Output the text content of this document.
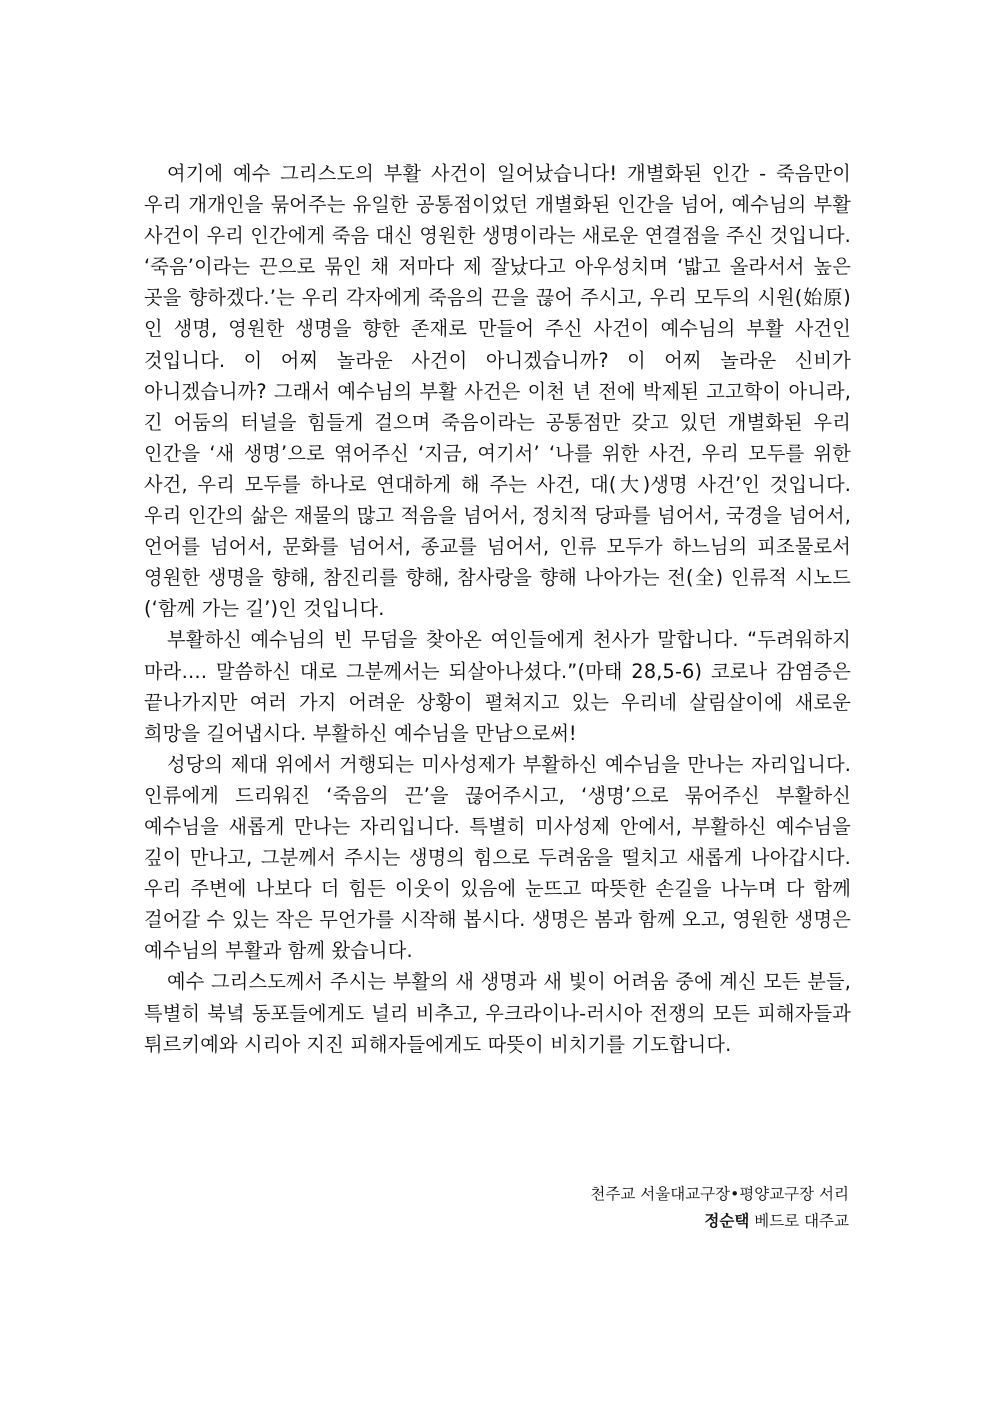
여기에 예수 그리스도의 부활 사건이 일어났습니다! 개별화된 인간 - 죽음만이 우리 개개인을 묶어주는 유일한 공통점이었던 개별화된 인간을 넘어, 예수님의 부활 사건이 우리 인간에게 죽음 대신 영원한 생명이라는 새로운 연결점을 주신 것입니다. ‘죽음’이라는 끈으로 묶인 채 저마다 제 잘났다고 아우성치며 ‘밟고 올라서서 높은 곳을 향하겠다.’는 우리 각자에게 죽음의 끈을 끊어 주시고, 우리 모두의 시원(始原)인 생명, 영원한 생명을 향한 존재로 만들어 주신 사건이 예수님의 부활 사건인 것입니다. 이 어찌 놀라운 사건이 아니겠습니까? 이 어찌 놀라운 신비가 아니겠습니까? 그래서 예수님의 부활 사건은 이천 년 전에 박제된 고고학이 아니라, 긴 어둠의 터널을 힘들게 걸으며 죽음이라는 공통점만 갖고 있던 개별화된 우리 인간을 ‘새 생명’으로 엮어주신 ‘지금, 여기서’ ‘나를 위한 사건, 우리 모두를 위한 사건, 우리 모두를 하나로 연대하게 해 주는 사건, 대(大)생명 사건’인 것입니다. 우리 인간의 삶은 재물의 많고 적음을 넘어서, 정치적 당파를 넘어서, 국경을 넘어서, 언어를 넘어서, 문화를 넘어서, 종교를 넘어서, 인류 모두가 하느님의 피조물로서 영원한 생명을 향해, 참진리를 향해, 참사랑을 향해 나아가는 전(全) 인류적 시노드(‘함께 가는 길’)인 것입니다.

부활하신 예수님의 빈 무덤을 찾아온 여인들에게 천사가 말합니다. “두려워하지 마라…. 말씀하신 대로 그분께서는 되살아나셨다.”(마태 28,5-6) 코로나 감염증은 끝나가지만 여러 가지 어려운 상황이 펼쳐지고 있는 우리네 살림살이에 새로운 희망을 길어냅시다. 부활하신 예수님을 만남으로써!

성당의 제대 위에서 거행되는 미사성제가 부활하신 예수님을 만나는 자리입니다. 인류에게 드리워진 ‘죽음의 끈’을 끊어주시고, ‘생명’으로 묶어주신 부활하신 예수님을 새롭게 만나는 자리입니다. 특별히 미사성제 안에서, 부활하신 예수님을 깊이 만나고, 그분께서 주시는 생명의 힘으로 두려움을 떨치고 새롭게 나아갑시다. 우리 주변에 나보다 더 힘든 이웃이 있음에 눈뜨고 따뜻한 손길을 나누며 다 함께 걸어갈 수 있는 작은 무언가를 시작해 봅시다. 생명은 봄과 함께 오고, 영원한 생명은 예수님의 부활과 함께 왔습니다.

예수 그리스도께서 주시는 부활의 새 생명과 새 빛이 어려움 중에 계신 모든 분들, 특별히 북녘 동포들에게도 널리 비추고, 우크라이나-러시아 전쟁의 모든 피해자들과 튀르키예와 시리아 지진 피해자들에게도 따뜻이 비치기를 기도합니다.

천주교 서울대교구장•평양교구장 서리
정순택 베드로 대주교
